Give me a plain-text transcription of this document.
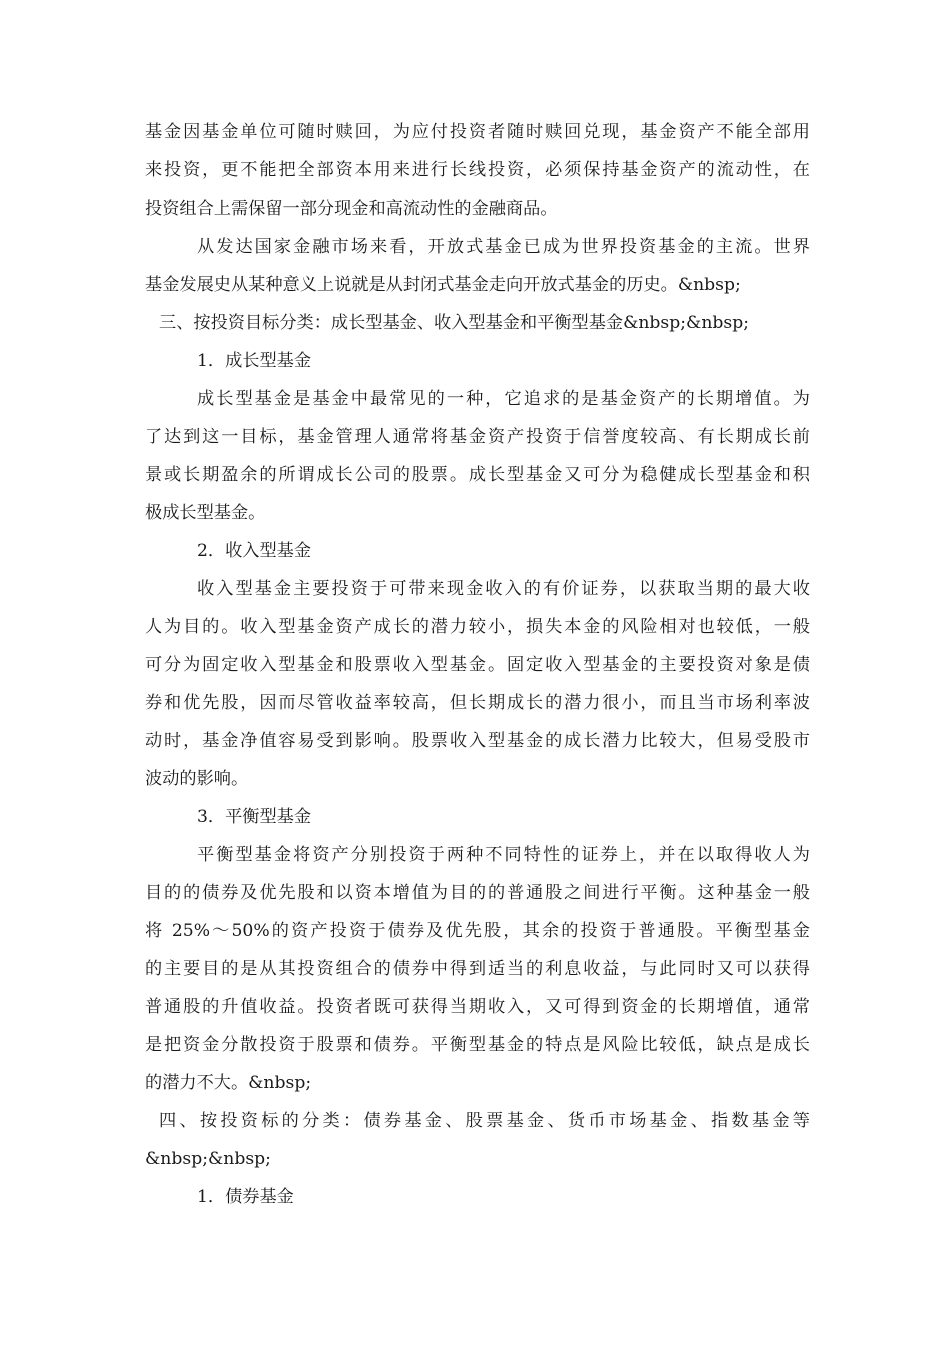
基金因基金单位可随时赎回，为应付投资者随时赎回兑现，基金资产不能全部用
来投资，更不能把全部资本用来进行长线投资，必须保持基金资产的流动性，在
投资组合上需保留一部分现金和高流动性的金融商品。
从发达国家金融市场来看，开放式基金已成为世界投资基金的主流。世界
基金发展史从某种意义上说就是从封闭式基金走向开放式基金的历史。&nbsp;
三、按投资目标分类：成长型基金、收入型基金和平衡型基金&nbsp;&nbsp;
1．成长型基金
成长型基金是基金中最常见的一种，它追求的是基金资产的长期增值。为
了达到这一目标，基金管理人通常将基金资产投资于信誉度较高、有长期成长前
景或长期盈余的所谓成长公司的股票。成长型基金又可分为稳健成长型基金和积
极成长型基金。
2．收入型基金
收入型基金主要投资于可带来现金收入的有价证券，以获取当期的最大收
人为目的。收入型基金资产成长的潜力较小，损失本金的风险相对也较低，一般
可分为固定收入型基金和股票收入型基金。固定收入型基金的主要投资对象是债
券和优先股，因而尽管收益率较高，但长期成长的潜力很小，而且当市场利率波
动时，基金净值容易受到影响。股票收入型基金的成长潜力比较大，但易受股市
波动的影响。
3．平衡型基金
平衡型基金将资产分别投资于两种不同特性的证券上，并在以取得收人为
目的的债券及优先股和以资本增值为目的的普通股之间进行平衡。这种基金一般
将 25%～50%的资产投资于债券及优先股，其余的投资于普通股。平衡型基金
的主要目的是从其投资组合的债券中得到适当的利息收益，与此同时又可以获得
普通股的升值收益。投资者既可获得当期收入，又可得到资金的长期增值，通常
是把资金分散投资于股票和债券。平衡型基金的特点是风险比较低，缺点是成长
的潜力不大。&nbsp;
四、按投资标的分类：债券基金、股票基金、货币市场基金、指数基金等
&nbsp;&nbsp;
1．债券基金
